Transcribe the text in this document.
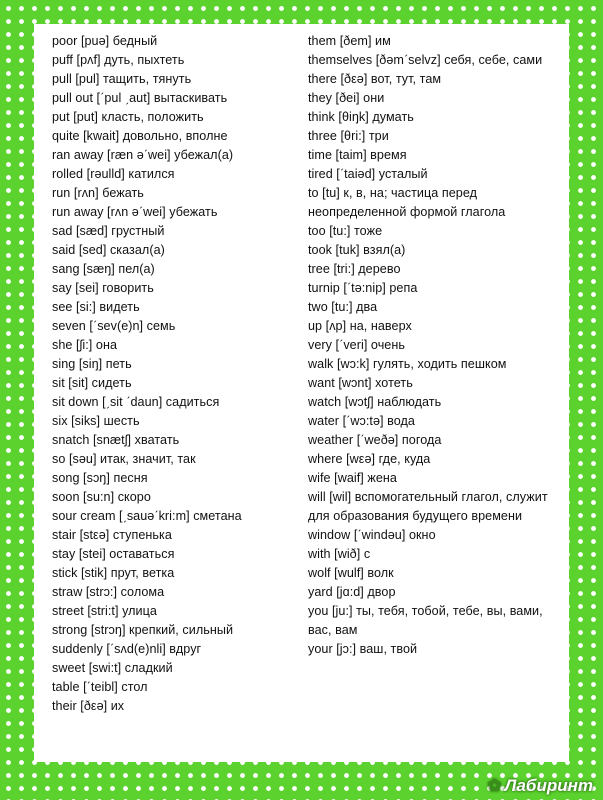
poor [puə] бедный
puff [pʌf] дуть, пыхтеть
pull [pul] тащить, тянуть
pull out [ˊpul ˏaut] вытаскивать
put [put] класть, положить
quite [kwait] довольно, вполне
ran away [ræn əˊwei] убежал(а)
rolled [rəulld] катился
run [rʌn] бежать
run away [rʌn əˊwei] убежать
sad [sæd] грустный
said [sed] сказал(а)
sang [sæŋ] пел(а)
say [sei] говорить
see [si:] видеть
seven [ˊsev(e)n] семь
she [ʃi:] она
sing [siŋ] петь
sit [sit] сидеть
sit down [ˏsit ˊdaun] садиться
six [siks] шесть
snatch [snætʃ] хватать
so [səu] итак, значит, так
song [sɔŋ] песня
soon [su:n] скоро
sour cream [ˏsauəˊkri:m] сметана
stair [stεə] ступенька
stay [stei] оставаться
stick [stik] прут, ветка
straw [strɔ:] солома
street [stri:t] улица
strong [strɔŋ] крепкий, сильный
suddenly [ˊsʌd(e)nli] вдруг
sweet [swi:t] сладкий
table [ˊteibl] стол
their [ðεə] их
them [ðem] им
themselves [ðəmˊselvz] себя, себе, сами
there [ðεə] вот, тут, там
they [ðei] они
think [θiŋk] думать
three [θri:] три
time [taim] время
tired [ˊtaiəd] усталый
to [tu] к, в, на; частица перед неопределенной формой глагола
too [tu:] тоже
took [tuk] взял(а)
tree [tri:] дерево
turnip [ˊtə:nip] репа
two [tu:] два
up [ʌp] на, наверх
very [ˊveri] очень
walk [wɔ:k] гулять, ходить пешком
want [wɔnt] хотеть
watch [wɔtʃ] наблюдать
water [ˊwɔ:tə] вода
weather [ˊweðə] погода
where [wεə] где, куда
wife [waif] жена
will [wil] вспомогательный глагол, служит для образования будущего времени
window [ˊwindəu] окно
with [wið] с
wolf [wulf] волк
yard [jɑ:d] двор
you [ju:] ты, тебя, тобой, тебе, вы, вами, вас, вам
your [jɔ:] ваш, твой
✿ Лабиринт
